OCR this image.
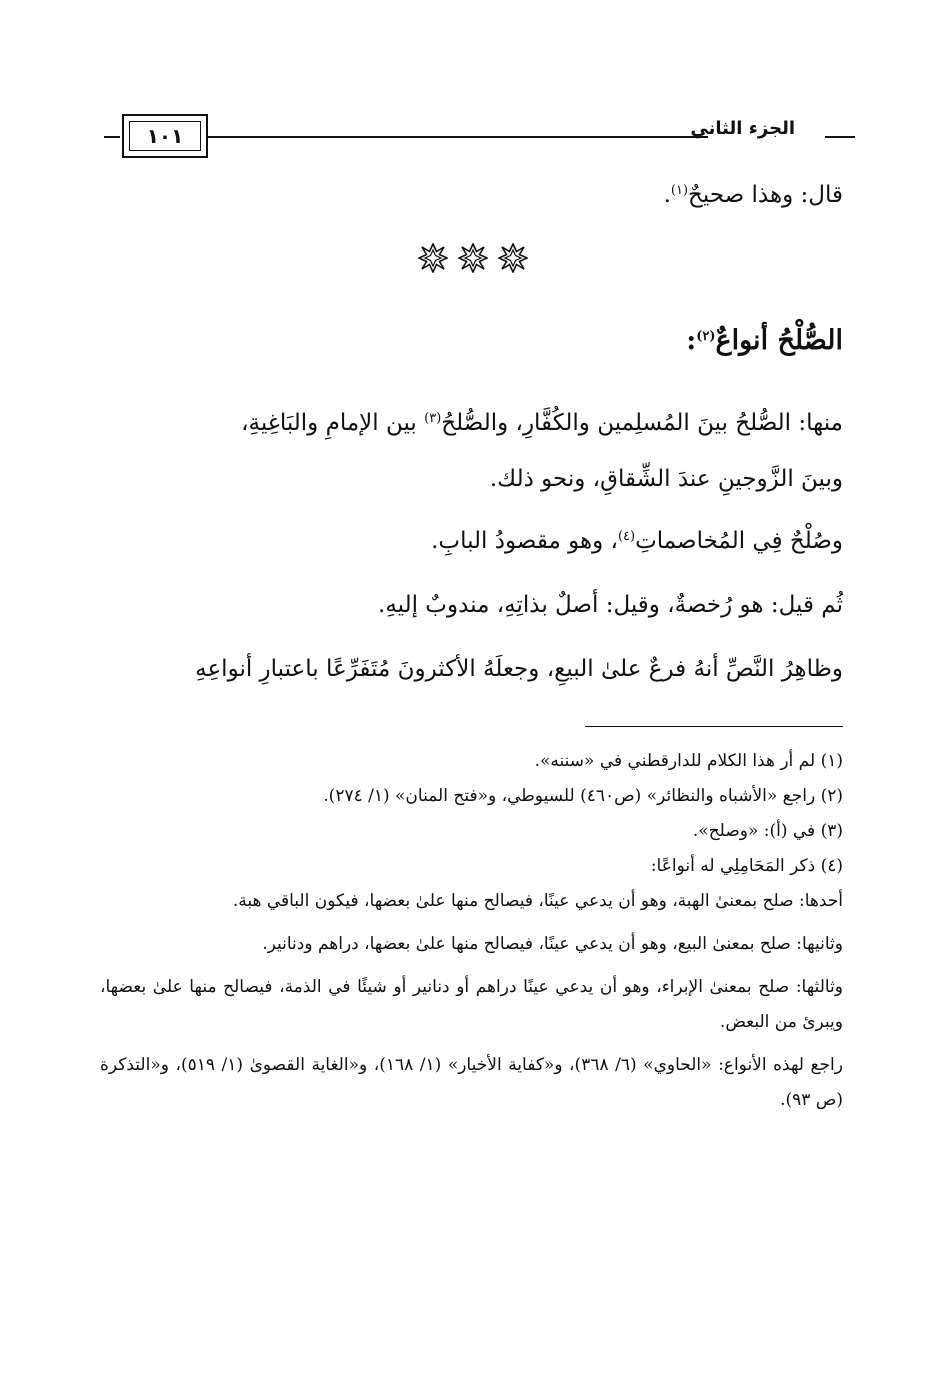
١٠١	الجزء الثاني
قال: وهذا صحيحٌ$^{(١)}$.
الصُّلْحُ أنواعٌ$^{(٢)}$:
منها: الصُّلحُ بينَ المُسلِمين والكُفَّارِ، والصُّلحُ$^{(٣)}$ بين الإمامِ والبَاغِيةِ،
وبينَ الزَّوجينِ عندَ الشِّقاقِ، ونحو ذلك.
وصُلْحٌ فِي المُخاصماتِ$^{(٤)}$، وهو مقصودُ البابِ.
ثُم قيل: هو رُخصةٌ، وقيل: أصلٌ بذاتِهِ، مندوبٌ إليهِ.
وظاهِرُ النَّصِّ أنهُ فرعٌ علىٰ البيعِ، وجعلَهُ الأكثرونَ مُتَفَرِّعًا باعتبارِ أنواعِهِ

(١) لم أر هذا الكلام للدارقطني في «سننه».

(٢) راجع «الأشباه والنظائر» (ص٤٦٠) للسيوطي، و«فتح المنان» (١/ ٢٧٤).

(٣) في (أ): «وصلح».

(٤) ذكر المَحَامِلِي له أنواعًا:

أحدها: صلح بمعنىٰ الهبة، وهو أن يدعي عينًا، فيصالح منها علىٰ بعضها، فيكون الباقي هبة.

وثانيها: صلح بمعنىٰ البيع، وهو أن يدعي عينًا، فيصالح منها علىٰ بعضها، دراهم ودنانير.

وثالثها: صلح بمعنىٰ الإبراء، وهو أن يدعي عينًا دراهم أو دنانير أو شيئًا في الذمة، فيصالح منها علىٰ بعضها، ويبرئ من البعض.

راجع لهذه الأنواع: «الحاوي» (٦/ ٣٦٨)، و«كفاية الأخيار» (١/ ١٦٨)، و«الغاية القصوىٰ (١/ ٥١٩)، و«التذكرة (ص ٩٣).
